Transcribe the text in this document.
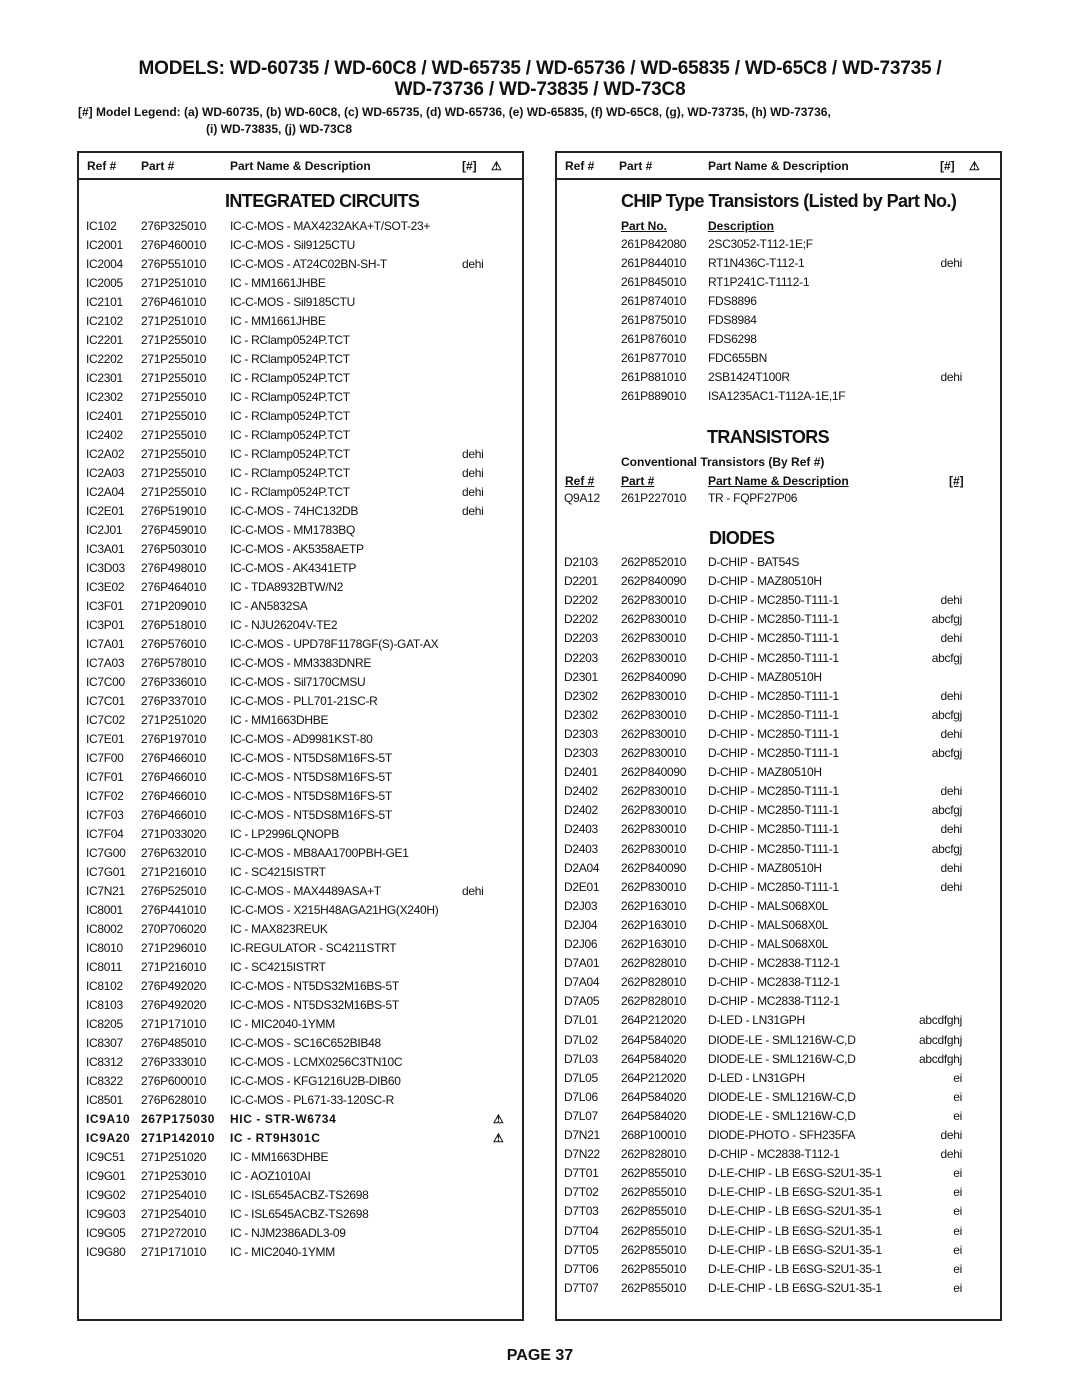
MODELS: WD-60735 / WD-60C8 / WD-65735 / WD-65736 / WD-65835 / WD-65C8 / WD-73735 /
WD-73736 / WD-73835 / WD-73C8
[#] Model Legend: (a) WD-60735, (b) WD-60C8, (c) WD-65735, (d) WD-65736, (e) WD-65835, (f) WD-65C8, (g), WD-73735, (h) WD-73736,
(i) WD-73835, (j) WD-73C8
Ref # Part #	Part Name & Description	[#] ⚠
INTEGRATED CIRCUITS
IC102 276P325010 IC-C-MOS - MAX4232AKA+T/SOT-23+
IC2001 276P460010 IC-C-MOS - Sil9125CTU
IC2004 276P551010 IC-C-MOS - AT24C02BN-SH-T	dehi
IC2005 271P251010 IC - MM1661JHBE
IC2101 276P461010 IC-C-MOS - Sil9185CTU
IC2102 271P251010 IC - MM1661JHBE
IC2201 271P255010 IC - RClamp0524P.TCT
IC2202 271P255010 IC - RClamp0524P.TCT
IC2301 271P255010 IC - RClamp0524P.TCT
IC2302 271P255010 IC - RClamp0524P.TCT
IC2401 271P255010 IC - RClamp0524P.TCT
IC2402 271P255010 IC - RClamp0524P.TCT
IC2A02 271P255010 IC - RClamp0524P.TCT	dehi
IC2A03 271P255010 IC - RClamp0524P.TCT	dehi
IC2A04 271P255010 IC - RClamp0524P.TCT	dehi
IC2E01 276P519010 IC-C-MOS - 74HC132DB	dehi
IC2J01 276P459010 IC-C-MOS - MM1783BQ
IC3A01 276P503010 IC-C-MOS - AK5358AETP
IC3D03 276P498010 IC-C-MOS - AK4341ETP
IC3E02 276P464010 IC - TDA8932BTW/N2
IC3F01 271P209010 IC - AN5832SA
IC3P01 276P518010 IC - NJU26204V-TE2
IC7A01 276P576010 IC-C-MOS - UPD78F1178GF(S)-GAT-AX
IC7A03 276P578010 IC-C-MOS - MM3383DNRE
IC7C00 276P336010 IC-C-MOS - Sil7170CMSU
IC7C01 276P337010 IC-C-MOS - PLL701-21SC-R
IC7C02 271P251020 IC - MM1663DHBE
IC7E01 276P197010 IC-C-MOS - AD9981KST-80
IC7F00 276P466010 IC-C-MOS - NT5DS8M16FS-5T
IC7F01 276P466010 IC-C-MOS - NT5DS8M16FS-5T
IC7F02 276P466010 IC-C-MOS - NT5DS8M16FS-5T
IC7F03 276P466010 IC-C-MOS - NT5DS8M16FS-5T
IC7F04 271P033020 IC - LP2996LQNOPB
IC7G00 276P632010 IC-C-MOS - MB8AA1700PBH-GE1
IC7G01 271P216010 IC - SC4215ISTRT
IC7N21 276P525010 IC-C-MOS - MAX4489ASA+T	dehi
IC8001 276P441010 IC-C-MOS - X215H48AGA21HG(X240H)
IC8002 270P706020 IC - MAX823REUK
IC8010 271P296010 IC-REGULATOR - SC4211STRT
IC8011 271P216010 IC - SC4215ISTRT
IC8102 276P492020 IC-C-MOS - NT5DS32M16BS-5T
IC8103 276P492020 IC-C-MOS - NT5DS32M16BS-5T
IC8205 271P171010 IC - MIC2040-1YMM
IC8307 276P485010 IC-C-MOS - SC16C652BIB48
IC8312 276P333010 IC-C-MOS - LCMX0256C3TN10C
IC8322 276P600010 IC-C-MOS - KFG1216U2B-DIB60
IC8501 276P628010 IC-C-MOS - PL671-33-120SC-R
IC9A10 267P175030 HIC - STR-W6734	⚠
IC9A20 271P142010 IC - RT9H301C	⚠
IC9C51 271P251020 IC - MM1663DHBE
IC9G01 271P253010 IC - AOZ1010AI
IC9G02 271P254010 IC - ISL6545ACBZ-TS2698
IC9G03 271P254010 IC - ISL6545ACBZ-TS2698
IC9G05 271P272010 IC - NJM2386ADL3-09
IC9G80 271P171010 IC - MIC2040-1YMM
Ref # Part #	Part Name & Description	[#] ⚠
CHIP Type Transistors (Listed by Part No.)
Part No.	Description
261P842080 2SC3052-T112-1E;F
261P844010 RT1N436C-T112-1	dehi
261P845010 RT1P241C-T1112-1
261P874010 FDS8896
261P875010 FDS8984
261P876010 FDS6298
261P877010 FDC655BN
261P881010 2SB1424T100R	dehi
261P889010 ISA1235AC1-T112A-1E,1F
TRANSISTORS
Conventional Transistors (By Ref #)
Ref # Part #	Part Name & Description	[#]
Q9A12 261P227010 TR - FQPF27P06
DIODES
D2103 262P852010 D-CHIP - BAT54S
D2201 262P840090 D-CHIP - MAZ80510H
D2202 262P830010 D-CHIP - MC2850-T111-1	dehi
D2202 262P830010 D-CHIP - MC2850-T111-1	abcfgj
D2203 262P830010 D-CHIP - MC2850-T111-1	dehi
D2203 262P830010 D-CHIP - MC2850-T111-1	abcfgj
D2301 262P840090 D-CHIP - MAZ80510H
D2302 262P830010 D-CHIP - MC2850-T111-1	dehi
D2302 262P830010 D-CHIP - MC2850-T111-1	abcfgj
D2303 262P830010 D-CHIP - MC2850-T111-1	dehi
D2303 262P830010 D-CHIP - MC2850-T111-1	abcfgj
D2401 262P840090 D-CHIP - MAZ80510H
D2402 262P830010 D-CHIP - MC2850-T111-1	dehi
D2402 262P830010 D-CHIP - MC2850-T111-1	abcfgj
D2403 262P830010 D-CHIP - MC2850-T111-1	dehi
D2403 262P830010 D-CHIP - MC2850-T111-1	abcfgj
D2A04 262P840090 D-CHIP - MAZ80510H	dehi
D2E01 262P830010 D-CHIP - MC2850-T111-1	dehi
D2J03 262P163010 D-CHIP - MALS068X0L
D2J04 262P163010 D-CHIP - MALS068X0L
D2J06 262P163010 D-CHIP - MALS068X0L
D7A01 262P828010 D-CHIP - MC2838-T112-1
D7A04 262P828010 D-CHIP - MC2838-T112-1
D7A05 262P828010 D-CHIP - MC2838-T112-1
D7L01 264P212020 D-LED - LN31GPH	abcdfghj
D7L02 264P584020 DIODE-LE - SML1216W-C,D	abcdfghj
D7L03 264P584020 DIODE-LE - SML1216W-C,D	abcdfghj
D7L05 264P212020 D-LED - LN31GPH	ei
D7L06 264P584020 DIODE-LE - SML1216W-C,D	ei
D7L07 264P584020 DIODE-LE - SML1216W-C,D	ei
D7N21 268P100010 DIODE-PHOTO - SFH235FA	dehi
D7N22 262P828010 D-CHIP - MC2838-T112-1	dehi
D7T01 262P855010 D-LE-CHIP - LB E6SG-S2U1-35-1	ei
D7T02 262P855010 D-LE-CHIP - LB E6SG-S2U1-35-1	ei
D7T03 262P855010 D-LE-CHIP - LB E6SG-S2U1-35-1	ei
D7T04 262P855010 D-LE-CHIP - LB E6SG-S2U1-35-1	ei
D7T05 262P855010 D-LE-CHIP - LB E6SG-S2U1-35-1	ei
D7T06 262P855010 D-LE-CHIP - LB E6SG-S2U1-35-1	ei
D7T07 262P855010 D-LE-CHIP - LB E6SG-S2U1-35-1	ei
PAGE 37
